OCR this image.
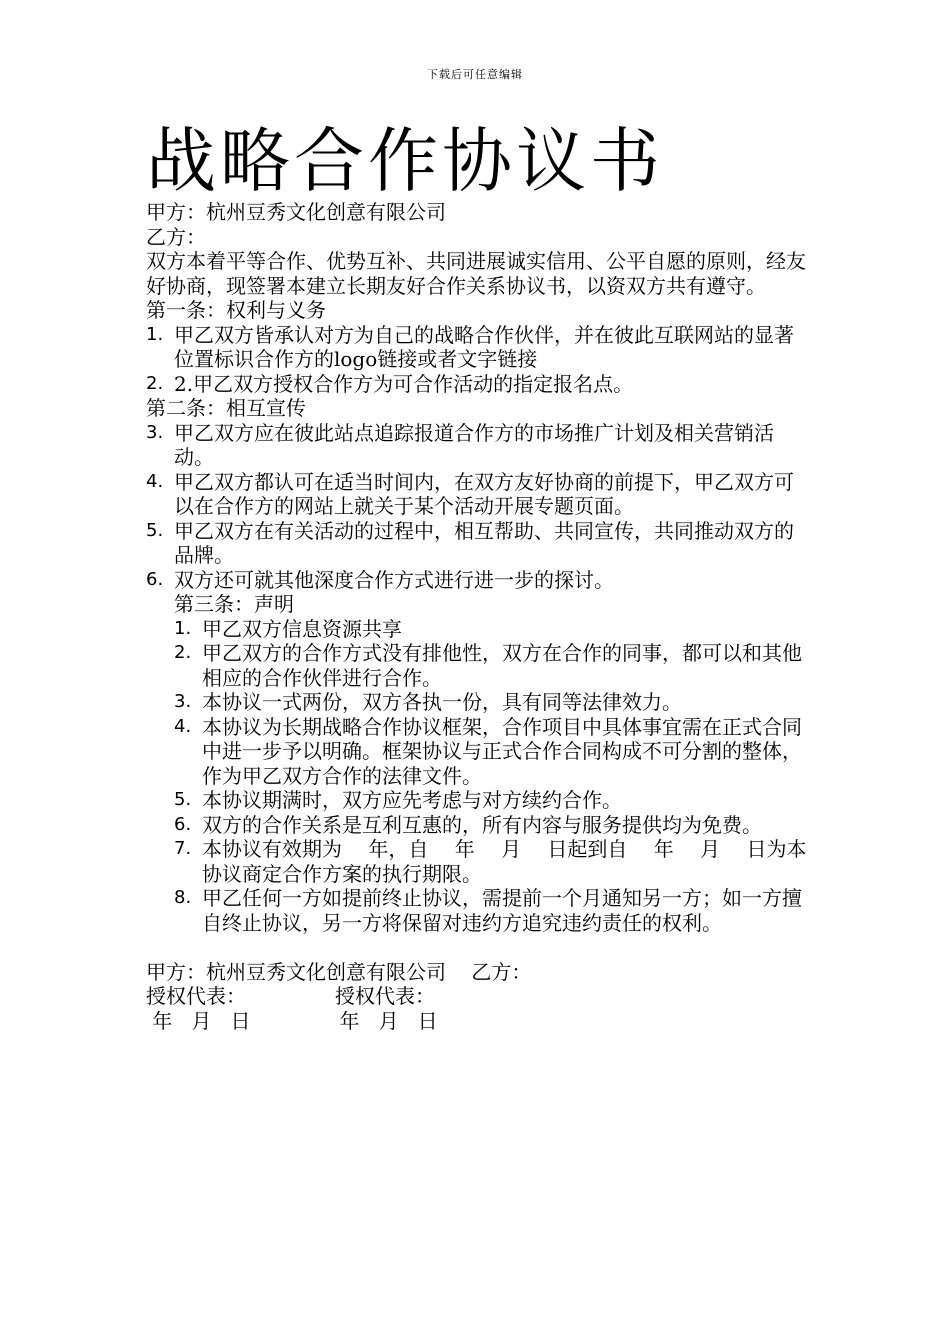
下载后可任意编辑
战略合作协议书
甲方：杭州豆秀文化创意有限公司
乙方：
双方本着平等合作、优势互补、共同进展诚实信用、公平自愿的原则，经友好协商，现签署本建立长期友好合作关系协议书，以资双方共有遵守。
第一条：权利与义务
1. 甲乙双方皆承认对方为自己的战略合作伙伴，并在彼此互联网站的显著位置标识合作方的logo链接或者文字链接
2. 2.甲乙双方授权合作方为可合作活动的指定报名点。
第二条：相互宣传
3. 甲乙双方应在彼此站点追踪报道合作方的市场推广计划及相关营销活动。
4. 甲乙双方都认可在适当时间内，在双方友好协商的前提下，甲乙双方可以在合作方的网站上就关于某个活动开展专题页面。
5. 甲乙双方在有关活动的过程中，相互帮助、共同宣传，共同推动双方的品牌。
6. 双方还可就其他深度合作方式进行进一步的探讨。
第三条：声明
1. 甲乙双方信息资源共享
2. 甲乙双方的合作方式没有排他性，双方在合作的同事，都可以和其他相应的合作伙伴进行合作。
3. 本协议一式两份，双方各执一份，具有同等法律效力。
4. 本协议为长期战略合作协议框架，合作项目中具体事宜需在正式合同中进一步予以明确。框架协议与正式合作合同构成不可分割的整体，作为甲乙双方合作的法律文件。
5. 本协议期满时，双方应先考虑与对方续约合作。
6. 双方的合作关系是互利互惠的，所有内容与服务提供均为免费。
7. 本协议有效期为　 年，自　 年　 月　 日起到自　 年　 月　 日为本协议商定合作方案的执行期限。
8. 甲乙任何一方如提前终止协议，需提前一个月通知另一方；如一方擅自终止协议，另一方将保留对违约方追究违约责任的权利。
甲方：杭州豆秀文化创意有限公司    乙方：
授权代表：              授权代表：
年   月   日              年   月   日
